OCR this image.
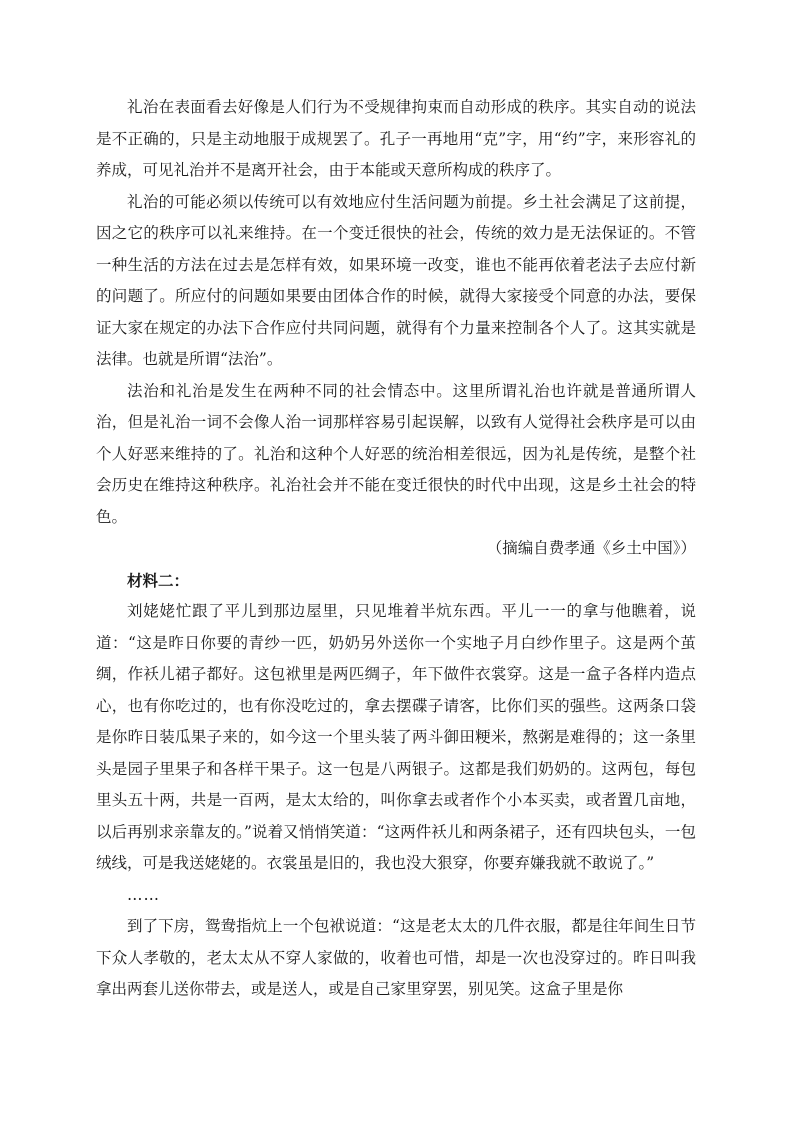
礼治在表面看去好像是人们行为不受规律拘束而自动形成的秩序。其实自动的说法是不正确的，只是主动地服于成规罢了。孔子一再地用“克”字，用“约”字，来形容礼的养成，可见礼治并不是离开社会，由于本能或天意所构成的秩序了。

礼治的可能必须以传统可以有效地应付生活问题为前提。乡土社会满足了这前提，因之它的秩序可以礼来维持。在一个变迁很快的社会，传统的效力是无法保证的。不管一种生活的方法在过去是怎样有效，如果环境一改变，谁也不能再依着老法子去应付新的问题了。所应付的问题如果要由团体合作的时候，就得大家接受个同意的办法，要保证大家在规定的办法下合作应付共同问题，就得有个力量来控制各个人了。这其实就是法律。也就是所谓“法治”。

法治和礼治是发生在两种不同的社会情态中。这里所谓礼治也许就是普通所谓人治，但是礼治一词不会像人治一词那样容易引起误解，以致有人觉得社会秩序是可以由个人好恶来维持的了。礼治和这种个人好恶的统治相差很远，因为礼是传统，是整个社会历史在维持这种秩序。礼治社会并不能在变迁很快的时代中出现，这是乡土社会的特色。

（摘编自费孝通《乡土中国》）

材料二：

刘姥姥忙跟了平儿到那边屋里，只见堆着半炕东西。平儿一一的拿与他瞧着，说道：“这是昨日你要的青纱一匹，奶奶另外送你一个实地子月白纱作里子。这是两个茧绸，作袄儿裙子都好。这包袱里是两匹绸子，年下做件衣裳穿。这是一盒子各样内造点心，也有你吃过的，也有你没吃过的，拿去摆碟子请客，比你们买的强些。这两条口袋是你昨日装瓜果子来的，如今这一个里头装了两斗御田粳米，熬粥是难得的；这一条里头是园子里果子和各样干果子。这一包是八两银子。这都是我们奶奶的。这两包，每包里头五十两，共是一百两，是太太给的，叫你拿去或者作个小本买卖，或者置几亩地，以后再别求亲靠友的。”说着又悄悄笑道：“这两件袄儿和两条裙子，还有四块包头，一包绒线，可是我送姥姥的。衣裳虽是旧的，我也没大狠穿，你要弃嫌我就不敢说了。”

……

到了下房，鸳鸯指炕上一个包袱说道：“这是老太太的几件衣服，都是往年间生日节下众人孝敬的，老太太从不穿人家做的，收着也可惜，却是一次也没穿过的。昨日叫我拿出两套儿送你带去，或是送人，或是自己家里穿罢，别见笑。这盒子里是你
